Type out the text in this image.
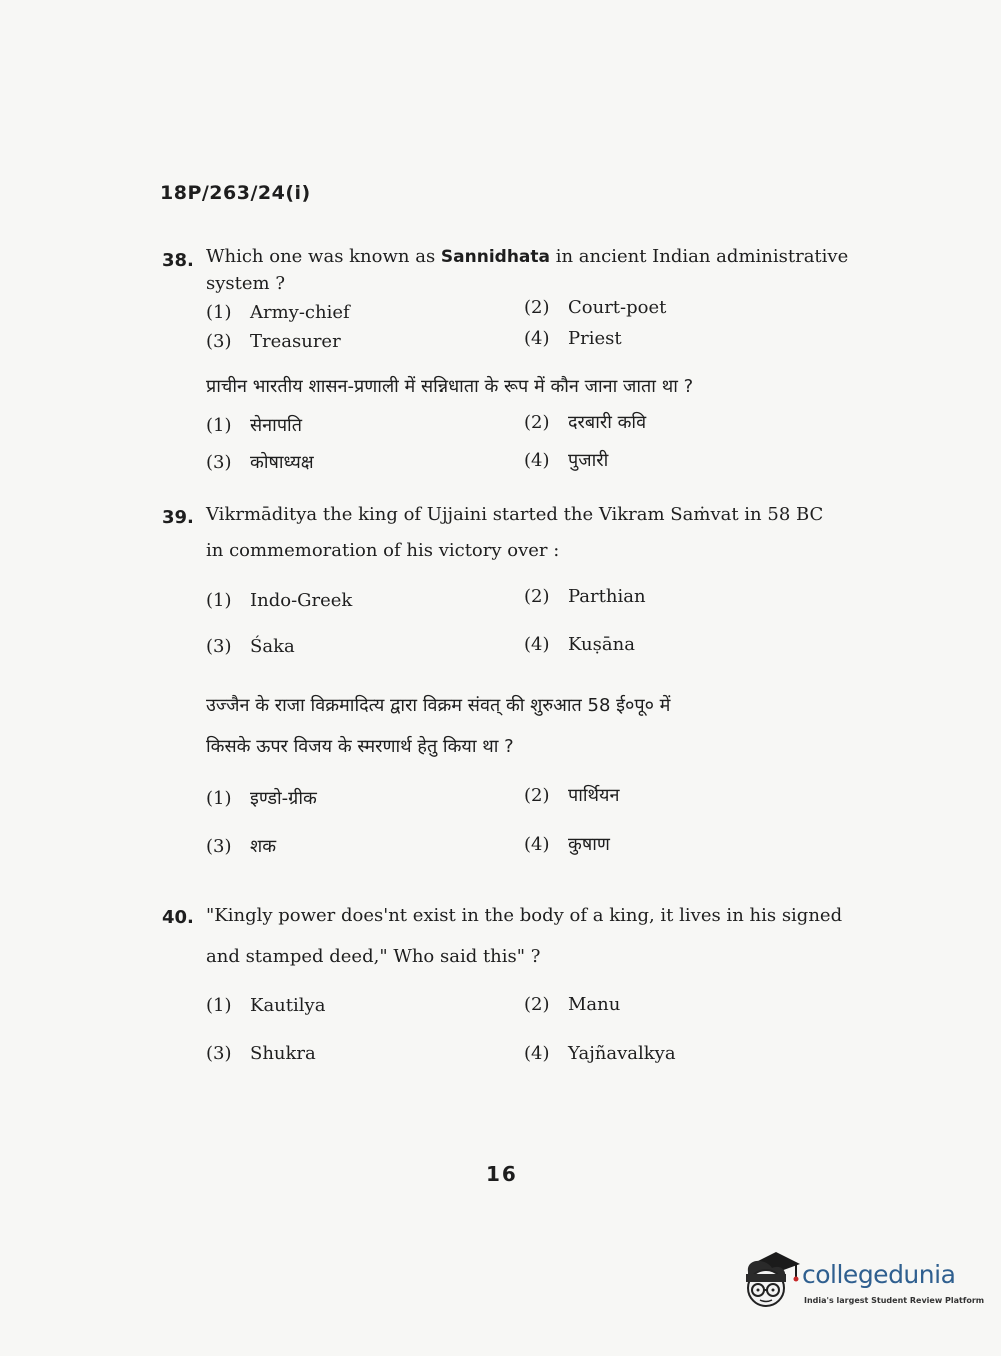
18P/263/24(i)
38. Which one was known as Sannidhata in ancient Indian administrative
system ?
(1) Army-chief	(2) Court-poet
(3) Treasurer	(4) Priest
प्राचीन भारतीय शासन-प्रणाली में सन्निधाता के रूप में कौन जाना जाता था ?
(1) सेनापति	(2) दरबारी कवि
(3) कोषाध्यक्ष	(4) पुजारी
39. Vikrmāditya the king of Ujjaini started the Vikram Saṁvat in 58 BC
in commemoration of his victory over :
(1) Indo-Greek	(2) Parthian
(3) Śaka	(4) Kuṣāna
उज्जैन के राजा विक्रमादित्य द्वारा विक्रम संवत् की शुरुआत 58 ई०पू० में
किसके ऊपर विजय के स्मरणार्थ हेतु किया था ?
(1) इण्डो-ग्रीक	(2) पार्थियन
(3) शक	(4) कुषाण
40. "Kingly power does'nt exist in the body of a king, it lives in his signed
and stamped deed," Who said this" ?
(1) Kautilya	(2) Manu
(3) Shukra	(4) Yajñavalkya
16
collegedunia
India's largest Student Review Platform
